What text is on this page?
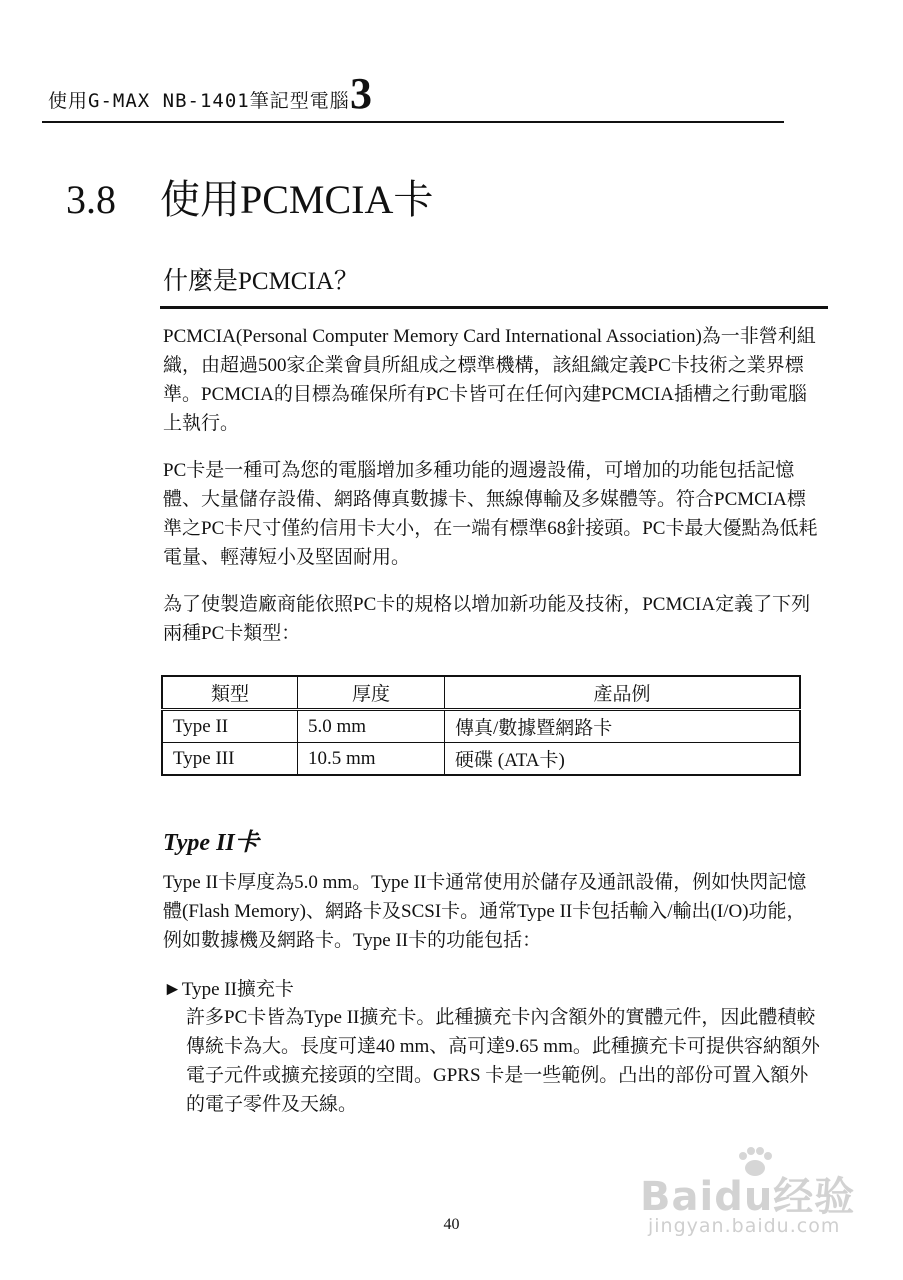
使用G-MAX NB-1401筆記型電腦 3
3.8 使用PCMCIA卡
什麼是PCMCIA？

PCMCIA(Personal Computer Memory Card International Association)為一非營利組織，由超過500家企業會員所組成之標準機構，該組織定義PC卡技術之業界標準。PCMCIA的目標為確保所有PC卡皆可在任何內建PCMCIA插槽之行動電腦上執行。

PC卡是一種可為您的電腦增加多種功能的週邊設備，可增加的功能包括記憶體、大量儲存設備、網路傳真數據卡、無線傳輸及多媒體等。符合PCMCIA標準之PC卡尺寸僅約信用卡大小，在一端有標準68針接頭。PC卡最大優點為低耗電量、輕薄短小及堅固耐用。

為了使製造廠商能依照PC卡的規格以增加新功能及技術，PCMCIA定義了下列兩種PC卡類型：

類型	厚度	產品例
Type II	5.0 mm	傳真/數據暨網路卡
Type III	10.5 mm	硬碟 (ATA卡)
Type II卡

Type II卡厚度為5.0 mm。Type II卡通常使用於儲存及通訊設備，例如快閃記憶體(Flash Memory)、網路卡及SCSI卡。通常Type II卡包括輸入/輸出(I/O)功能，例如數據機及網路卡。Type II卡的功能包括：

►Type II擴充卡

許多PC卡皆為Type II擴充卡。此種擴充卡內含額外的實體元件，因此體積較傳統卡為大。長度可達40 mm、高可達9.65 mm。此種擴充卡可提供容納額外電子元件或擴充接頭的空間。GPRS 卡是一些範例。凸出的部份可置入額外的電子零件及天線。

40
Baidu经验
jingyan.baidu.com
